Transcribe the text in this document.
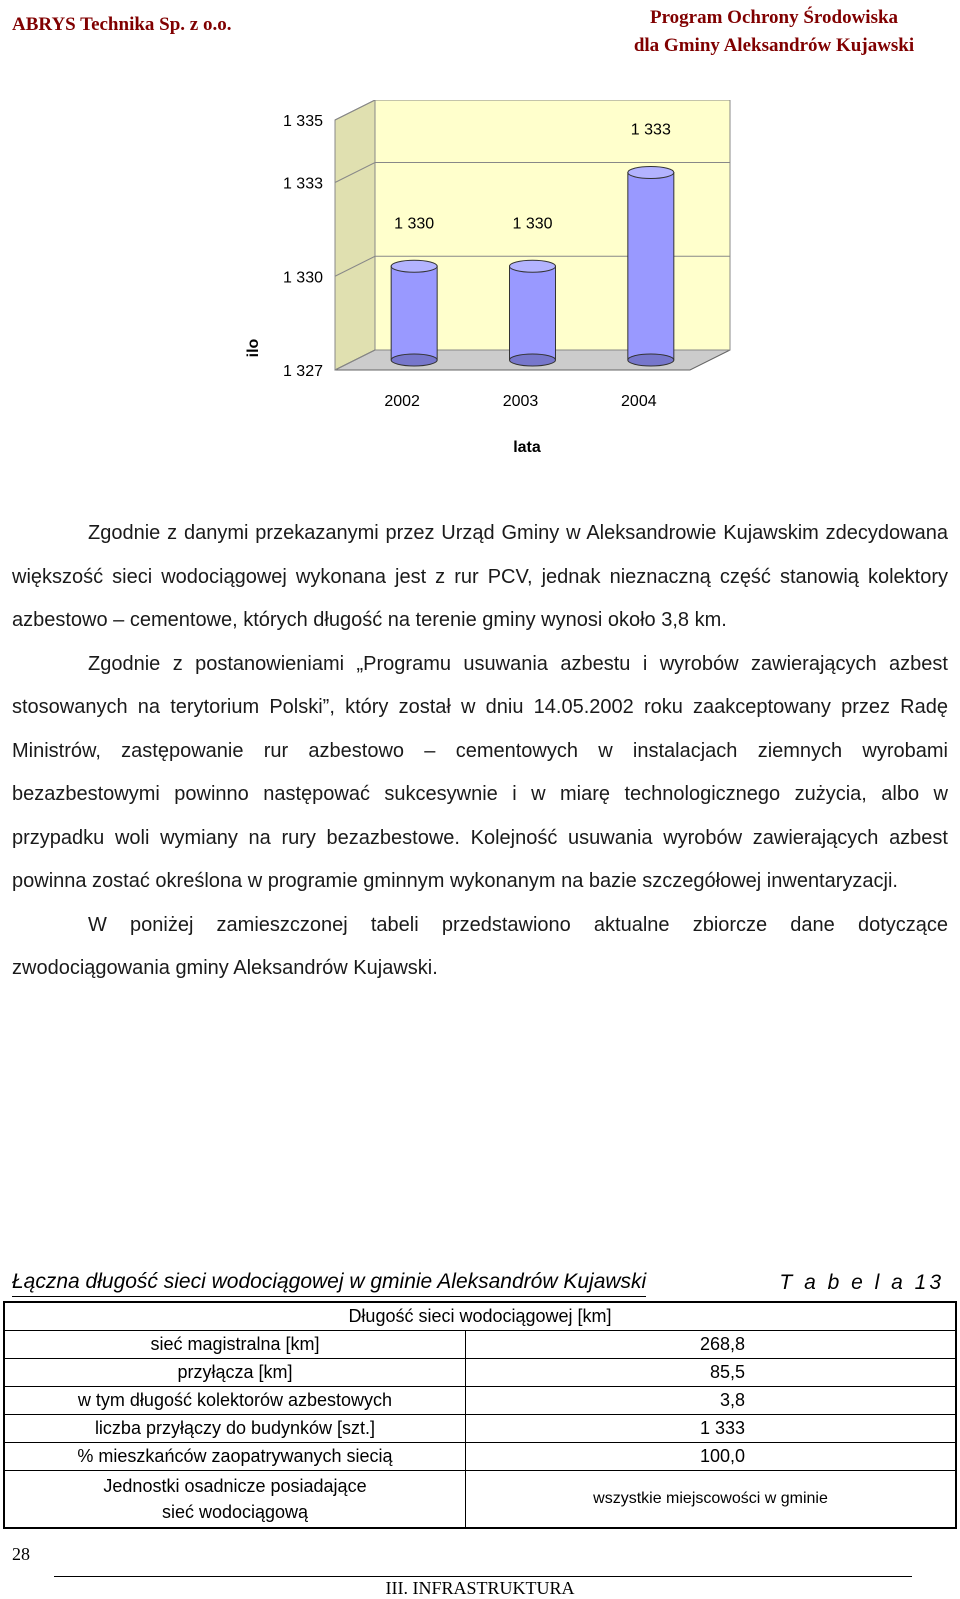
ABRYS Technika Sp. z o.o.	Program Ochrony Środowiska
dla Gminy Aleksandrów Kujawski
1 327
1 330
1 333
1 335
1 330
2002
1 330
2003
1 333
2004
lata
ilo

Zgodnie z danymi przekazanymi przez Urząd Gminy w Aleksandrowie Kujawskim zdecydowana większość sieci wodociągowej wykonana jest z rur PCV, jednak nieznaczną część stanowią kolektory azbestowo – cementowe, których długość na terenie gminy wynosi około 3,8 km.

Zgodnie z postanowieniami „Programu usuwania azbestu i wyrobów zawierających azbest stosowanych na terytorium Polski”, który został w dniu 14.05.2002 roku zaakceptowany przez Radę Ministrów, zastępowanie rur azbestowo – cementowych w instalacjach ziemnych wyrobami bezazbestowymi powinno następować sukcesywnie i w miarę technologicznego zużycia, albo w przypadku woli wymiany na rury bezazbestowe. Kolejność usuwania wyrobów zawierających azbest powinna zostać określona w programie gminnym wykonanym na bazie szczegółowej inwentaryzacji.

W poniżej zamieszczonej tabeli przedstawiono aktualne zbiorcze dane dotyczące zwodociągowania gminy Aleksandrów Kujawski.

Łączna długość sieci wodociągowej w gminie Aleksandrów Kujawski	T a b e l a 13
Długość sieci wodociągowej [km]	
sieć magistralna [km]	268,8
przyłącza [km]	85,5
w tym długość kolektorów azbestowych	3,8
liczba przyłączy do budynków [szt.]	1 333
% mieszkańców zaopatrywanych siecią	100,0

Jednostki osadnicze posiadające
sieć wodociągową	wszystkie miejscowości w gminie
28
III. INFRASTRUKTURA
